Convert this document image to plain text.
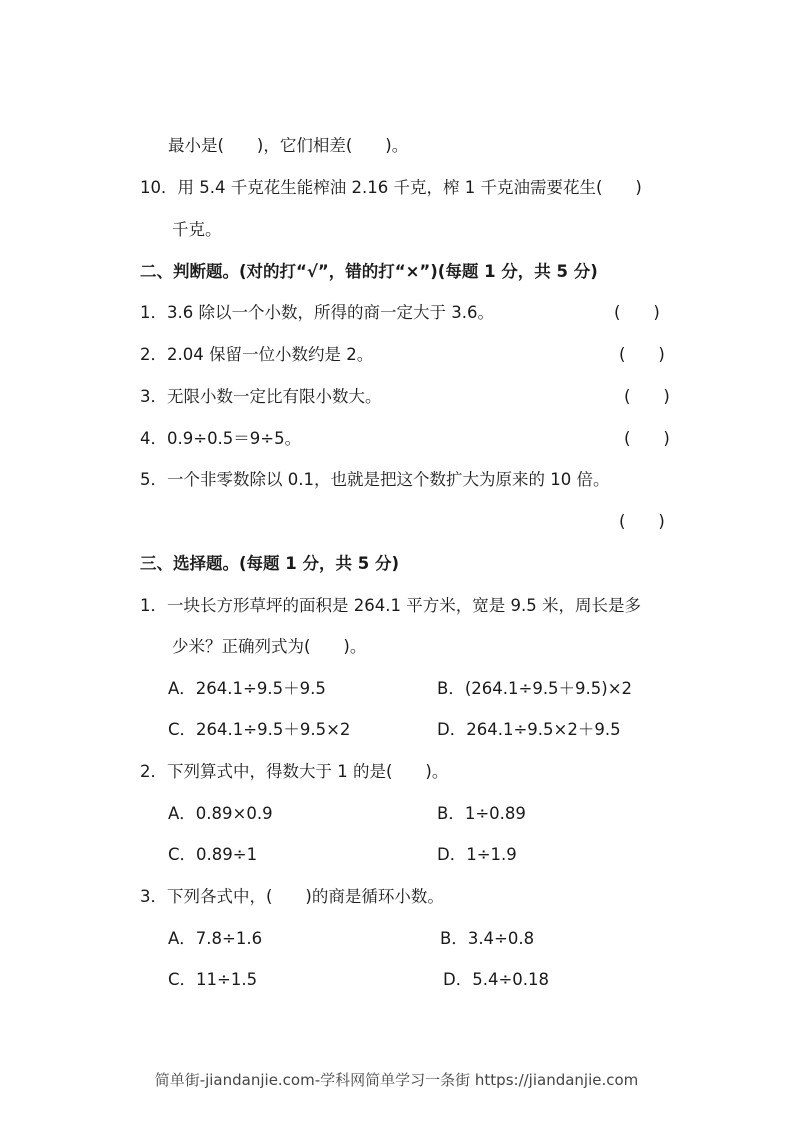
最小是(　　)，它们相差(　　)。
10．用 5.4 千克花生能榨油 2.16 千克，榨 1 千克油需要花生(　　)
千克。
二、判断题。(对的打“√”，错的打“×”)(每题 1 分，共 5 分)
1．3.6 除以一个小数，所得的商一定大于 3.6。	(　　)
2．2.04 保留一位小数约是 2。	(　　)
3．无限小数一定比有限小数大。	(　　)
4．0.9÷0.5＝9÷5。	(　　)
5．一个非零数除以 0.1，也就是把这个数扩大为原来的 10 倍。
(　　)
三、选择题。(每题 1 分，共 5 分)
1．一块长方形草坪的面积是 264.1 平方米，宽是 9.5 米，周长是多
少米？正确列式为(　　)。
A．264.1÷9.5＋9.5	B．(264.1÷9.5＋9.5)×2
C．264.1÷9.5＋9.5×2	D．264.1÷9.5×2＋9.5
2．下列算式中，得数大于 1 的是(　　)。
A．0.89×0.9	B．1÷0.89
C．0.89÷1	D．1÷1.9
3．下列各式中，(　　)的商是循环小数。
A．7.8÷1.6	B．3.4÷0.8
C．11÷1.5	D．5.4÷0.18
简单街-jiandanjie.com-学科网简单学习一条街 https://jiandanjie.com
